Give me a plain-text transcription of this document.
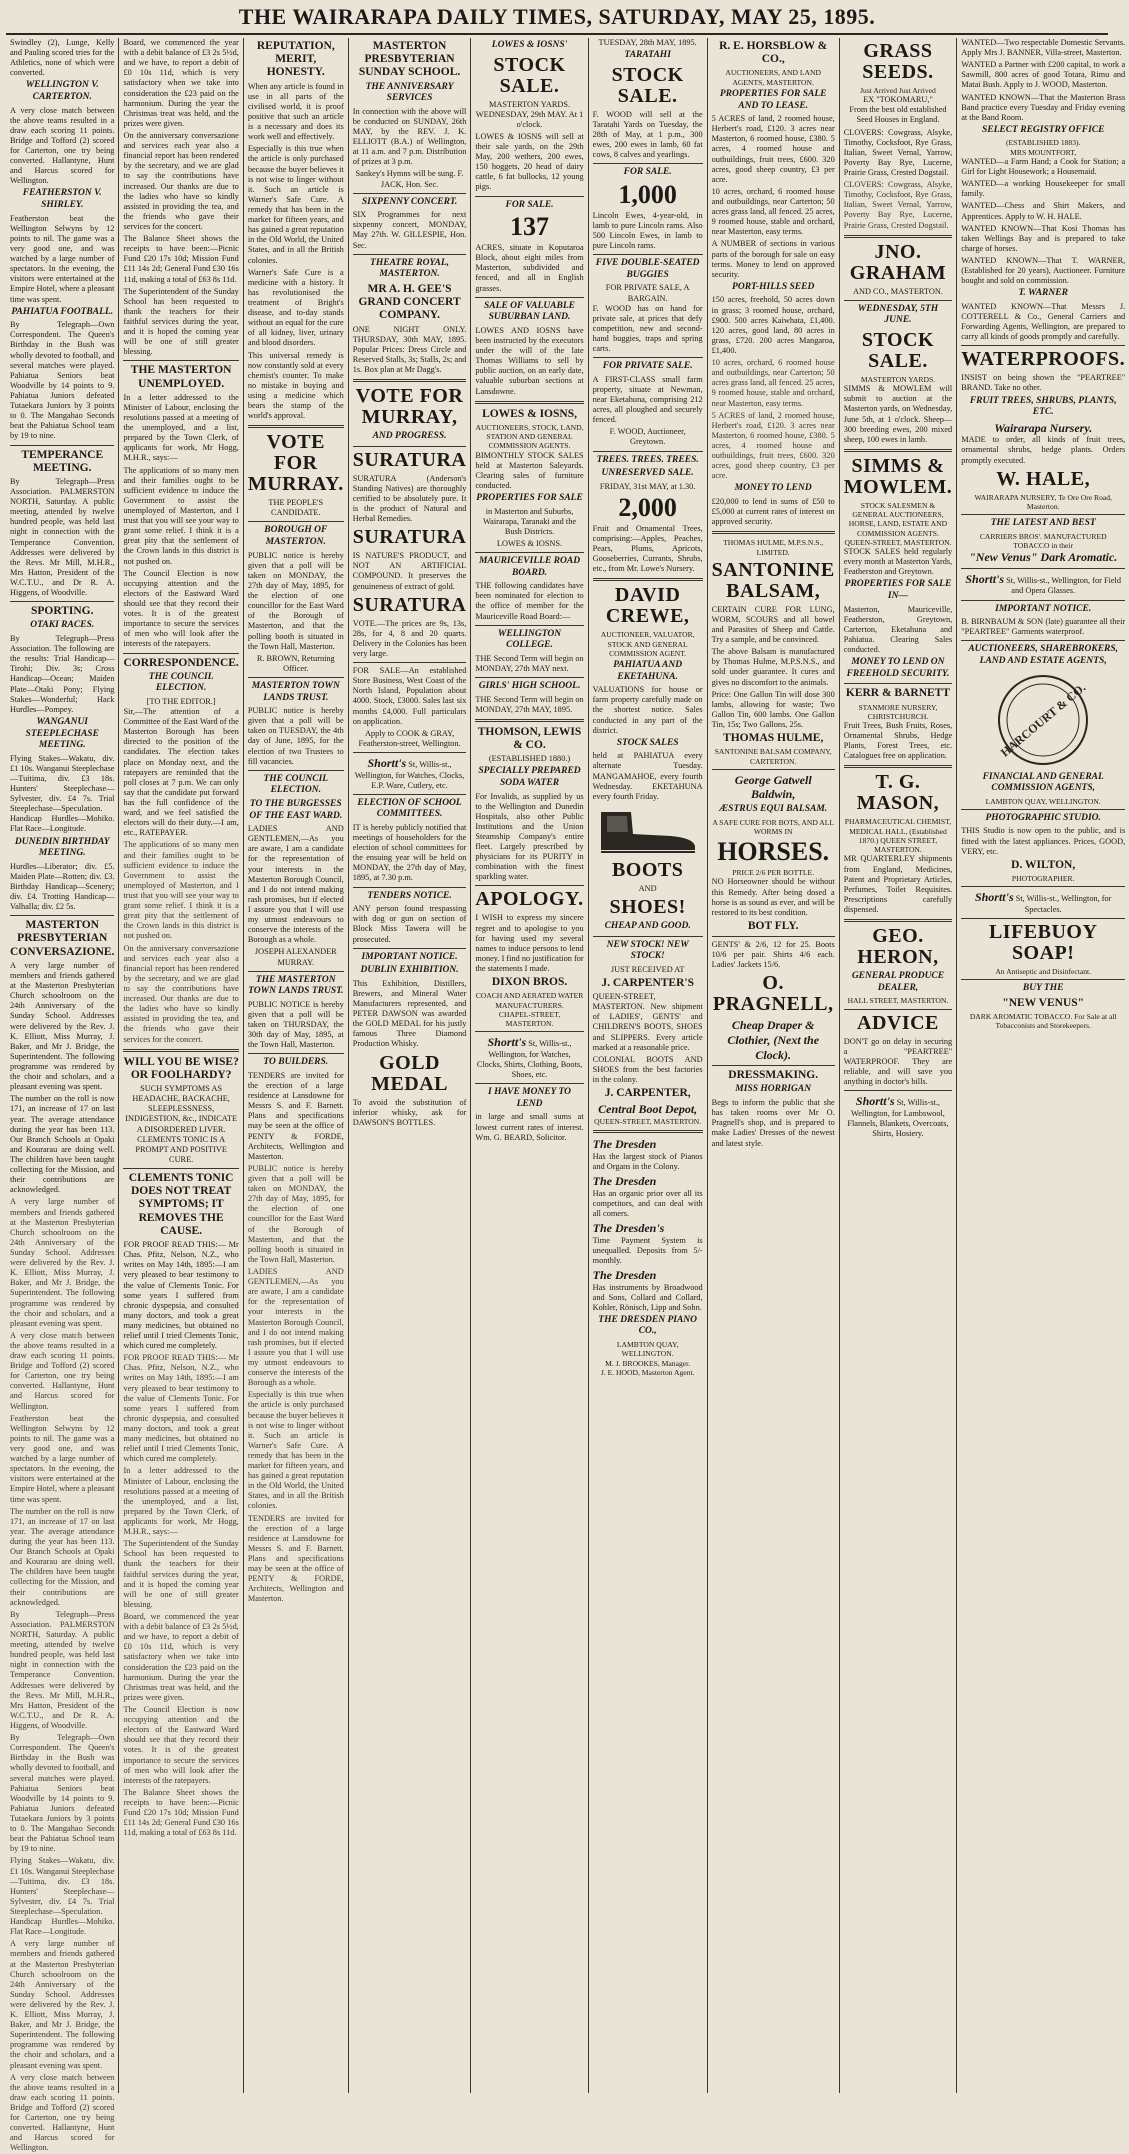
THE WAIRARAPA DAILY TIMES, SATURDAY, MAY 25, 1895.

Swindley (2), Lunge, Kelly and Pauling scored tries for the Athletics, none of which were converted.

WELLINGTON V. CARTERTON.

A very close match between the above teams resulted in a draw each scoring 11 points. Bridge and Tofford (2) scored for Carterton, one try being converted. Hallantyne, Hunt and Harcus scored for Wellington.

FEATHERSTON V. SHIRLEY.

Featherston beat the Wellington Selwyns by 12 points to nil. The game was a very good one, and was watched by a large number of spectators. In the evening, the visitors were entertained at the Empire Hotel, where a pleasant time was spent.

PAHIATUA FOOTBALL.

By Telegraph—Own Correspondent. The Queen's Birthday in the Bush was wholly devoted to football, and several matches were played. Pahiatua Seniors beat Woodville by 14 points to 9. Pahiatua Juniors defeated Tutaekara Juniors by 3 points to 0. The Mangahao Seconds beat the Pahiatua School team by 19 to nine.

TEMPERANCE MEETING.

By Telegraph—Press Association. PALMERSTON NORTH, Saturday. A public meeting, attended by twelve hundred people, was held last night in connection with the Temperance Convention. Addresses were delivered by the Revs. Mr Mill, M.H.R., Mrs Hatton, President of the W.C.T.U., and Dr R. A. Higgens, of Woodville.

SPORTING.
OTAKI RACES.

By Telegraph—Press Association. The following are the results: Trial Handicap—Tirohi; Div. 3s; Cross Handicap—Ocean; Maiden Plate—Otaki Pony; Flying Stakes—Wonderful; Hack Hurdles—Pompey.

WANGANUI STEEPLECHASE MEETING.

Flying Stakes—Wakatu, div. £1 10s. Wanganui Steeplechase—Tuitima, div. £3 18s. Hunters' Steeplechase—Sylvester, div. £4 7s. Trial Steeplechase—Speculation. Handicap Hurdles—Mohiko. Flat Race—Longitude.

DUNEDIN BIRTHDAY MEETING.

Hurdles—Liberator; div. £5. Maiden Plate—Rotten; div. £3. Birthday Handicap—Scenery; div. £4. Trotting Handicap—Valhalla; div. £2 5s.

MASTERTON PRESBYTERIAN CONVERSAZIONE.

A very large number of members and friends gathered at the Masterton Presbyterian Church schoolroom on the 24th Anniversary of the Sunday School. Addresses were delivered by the Rev. J. K. Elliott, Miss Murray, J. Baker, and Mr J. Bridge, the Superintendent. The following programme was rendered by the choir and scholars, and a pleasant evening was spent.

The number on the roll is now 171, an increase of 17 on last year. The average attendance during the year has been 113. Our Branch Schools at Opaki and Kourarau are doing well. The children have been taught collecting for the Mission, and their contributions are acknowledged.

A very large number of members and friends gathered at the Masterton Presbyterian Church schoolroom on the 24th Anniversary of the Sunday School. Addresses were delivered by the Rev. J. K. Elliott, Miss Murray, J. Baker, and Mr J. Bridge, the Superintendent. The following programme was rendered by the choir and scholars, and a pleasant evening was spent.

A very close match between the above teams resulted in a draw each scoring 11 points. Bridge and Tofford (2) scored for Carterton, one try being converted. Hallantyne, Hunt and Harcus scored for Wellington.

Featherston beat the Wellington Selwyns by 12 points to nil. The game was a very good one, and was watched by a large number of spectators. In the evening, the visitors were entertained at the Empire Hotel, where a pleasant time was spent.

The number on the roll is now 171, an increase of 17 on last year. The average attendance during the year has been 113. Our Branch Schools at Opaki and Kourarau are doing well. The children have been taught collecting for the Mission, and their contributions are acknowledged.

By Telegraph—Press Association. PALMERSTON NORTH, Saturday. A public meeting, attended by twelve hundred people, was held last night in connection with the Temperance Convention. Addresses were delivered by the Revs. Mr Mill, M.H.R., Mrs Hatton, President of the W.C.T.U., and Dr R. A. Higgens, of Woodville.

By Telegraph—Own Correspondent. The Queen's Birthday in the Bush was wholly devoted to football, and several matches were played. Pahiatua Seniors beat Woodville by 14 points to 9. Pahiatua Juniors defeated Tutaekara Juniors by 3 points to 0. The Mangahao Seconds beat the Pahiatua School team by 19 to nine.

Flying Stakes—Wakatu, div. £1 10s. Wanganui Steeplechase—Tuitima, div. £3 18s. Hunters' Steeplechase—Sylvester, div. £4 7s. Trial Steeplechase—Speculation. Handicap Hurdles—Mohiko. Flat Race—Longitude.

A very large number of members and friends gathered at the Masterton Presbyterian Church schoolroom on the 24th Anniversary of the Sunday School. Addresses were delivered by the Rev. J. K. Elliott, Miss Murray, J. Baker, and Mr J. Bridge, the Superintendent. The following programme was rendered by the choir and scholars, and a pleasant evening was spent.

A very close match between the above teams resulted in a draw each scoring 11 points. Bridge and Tofford (2) scored for Carterton, one try being converted. Hallantyne, Hunt and Harcus scored for Wellington.

Board, we commenced the year with a debit balance of £3 2s 5½d, and we have, to report a debit of £0 10s 11d, which is very satisfactory when we take into consideration the £23 paid on the harmonium. During the year the Christmas treat was held, and the prizes were given.

On the anniversary conversazione and services each year also a financial report has been rendered by the secretary, and we are glad to say the contributions have increased. Our thanks are due to the ladies who have so kindly assisted in providing the tea, and the friends who gave their services for the concert.

The Balance Sheet shows the receipts to have been:—Picnic Fund £20 17s 10d; Mission Fund £11 14s 2d; General Fund £30 16s 11d, making a total of £63 8s 11d.

The Superintendent of the Sunday School has been requested to thank the teachers for their faithful services during the year, and it is hoped the coming year will be one of still greater blessing.

THE MASTERTON UNEMPLOYED.

In a letter addressed to the Minister of Labour, enclosing the resolutions passed at a meeting of the unemployed, and a list, prepared by the Town Clerk, of applicants for work, Mr Hogg, M.H.R., says:—

The applications of so many men and their families ought to be sufficient evidence to induce the Government to assist the unemployed of Masterton, and I trust that you will see your way to grant some relief. I think it is a great pity that the settlement of the Crown lands in this district is not pushed on.

The Council Election is now occupying attention and the electors of the Eastward Ward should see that they record their votes. It is of the greatest importance to secure the services of men who will look after the interests of the ratepayers.

CORRESPONDENCE.
THE COUNCIL ELECTION.
[TO THE EDITOR.]

Sir,—The attention of a Committee of the East Ward of the Masterton Borough has been directed to the position of the candidates. The election takes place on Monday next, and the ratepayers are reminded that the poll closes at 7 p.m. We can only say that the candidate put forward has the full confidence of the ward, and we feel satisfied the electors will do their duty.—I am, etc., RATEPAYER.

The applications of so many men and their families ought to be sufficient evidence to induce the Government to assist the unemployed of Masterton, and I trust that you will see your way to grant some relief. I think it is a great pity that the settlement of the Crown lands in this district is not pushed on.

On the anniversary conversazione and services each year also a financial report has been rendered by the secretary, and we are glad to say the contributions have increased. Our thanks are due to the ladies who have so kindly assisted in providing the tea, and the friends who gave their services for the concert.

WILL YOU BE WISE? OR FOOLHARDY?
SUCH SYMPTOMS AS HEADACHE, BACKACHE, SLEEPLESSNESS, INDIGESTION, &c., INDICATE A DISORDERED LIVER. CLEMENTS TONIC IS A PROMPT AND POSITIVE CURE.
CLEMENTS TONIC DOES NOT TREAT SYMPTOMS; IT REMOVES THE CAUSE.

FOR PROOF READ THIS:— Mr Chas. Pfitz, Nelson, N.Z., who writes on May 14th, 1895:—I am very pleased to bear testimony to the value of Clements Tonic. For some years I suffered from chronic dyspepsia, and consulted many doctors, and took a great many medicines, but obtained no relief until I tried Clements Tonic, which cured me completely.

FOR PROOF READ THIS:— Mr Chas. Pfitz, Nelson, N.Z., who writes on May 14th, 1895:—I am very pleased to bear testimony to the value of Clements Tonic. For some years I suffered from chronic dyspepsia, and consulted many doctors, and took a great many medicines, but obtained no relief until I tried Clements Tonic, which cured me completely.

In a letter addressed to the Minister of Labour, enclosing the resolutions passed at a meeting of the unemployed, and a list, prepared by the Town Clerk, of applicants for work, Mr Hogg, M.H.R., says:—

The Superintendent of the Sunday School has been requested to thank the teachers for their faithful services during the year, and it is hoped the coming year will be one of still greater blessing.

Board, we commenced the year with a debit balance of £3 2s 5½d, and we have, to report a debit of £0 10s 11d, which is very satisfactory when we take into consideration the £23 paid on the harmonium. During the year the Christmas treat was held, and the prizes were given.

The Council Election is now occupying attention and the electors of the Eastward Ward should see that they record their votes. It is of the greatest importance to secure the services of men who will look after the interests of the ratepayers.

The Balance Sheet shows the receipts to have been:—Picnic Fund £20 17s 10d; Mission Fund £11 14s 2d; General Fund £30 16s 11d, making a total of £63 8s 11d.

REPUTATION, MERIT, HONESTY.

When any article is found in use in all parts of the civilised world, it is proof positive that such an article is a necessary and does its work well and effectively.

Especially is this true when the article is only purchased because the buyer believes it is not wise to linger without it. Such an article is Warner's Safe Cure. A remedy that has been in the market for fifteen years, and has gained a great reputation in the Old World, the United States, and in all the British colonies.

Warner's Safe Cure is a medicine with a history. It has revolutionised the treatment of Bright's disease, and to-day stands without an equal for the cure of all kidney, liver, urinary and blood disorders.

This universal remedy is now constantly sold at every chemist's counter. To make no mistake in buying and using a medicine which bears the stamp of the world's approval.

VOTE FOR MURRAY.
THE PEOPLE'S CANDIDATE.
BOROUGH OF MASTERTON.

PUBLIC notice is hereby given that a poll will be taken on MONDAY, the 27th day of May, 1895, for the election of one councillor for the East Ward of the Borough of Masterton, and that the polling booth is situated in the Town Hall, Masterton.

R. BROWN, Returning Officer.
MASTERTON TOWN LANDS TRUST.

PUBLIC notice is hereby given that a poll will be taken on TUESDAY, the 4th day of June, 1895, for the election of two Trustees to fill vacancies.

THE COUNCIL ELECTION.
TO THE BURGESSES OF THE EAST WARD.

LADIES AND GENTLEMEN,—As you are aware, I am a candidate for the representation of your interests in the Masterton Borough Council, and I do not intend making rash promises, but if elected I assure you that I will use my utmost endeavours to conserve the interests of the Borough as a whole.

JOSEPH ALEXANDER MURRAY.
THE MASTERTON TOWN LANDS TRUST.

PUBLIC NOTICE is hereby given that a poll will be taken on THURSDAY, the 30th day of May, 1895, at the Town Hall, Masterton.

TO BUILDERS.

TENDERS are invited for the erection of a large residence at Lansdowne for Messrs S. and F. Barnett. Plans and specifications may be seen at the office of PENTY & FORDE, Architects, Wellington and Masterton.

PUBLIC notice is hereby given that a poll will be taken on MONDAY, the 27th day of May, 1895, for the election of one councillor for the East Ward of the Borough of Masterton, and that the polling booth is situated in the Town Hall, Masterton.

LADIES AND GENTLEMEN,—As you are aware, I am a candidate for the representation of your interests in the Masterton Borough Council, and I do not intend making rash promises, but if elected I assure you that I will use my utmost endeavours to conserve the interests of the Borough as a whole.

Especially is this true when the article is only purchased because the buyer believes it is not wise to linger without it. Such an article is Warner's Safe Cure. A remedy that has been in the market for fifteen years, and has gained a great reputation in the Old World, the United States, and in all the British colonies.

TENDERS are invited for the erection of a large residence at Lansdowne for Messrs S. and F. Barnett. Plans and specifications may be seen at the office of PENTY & FORDE, Architects, Wellington and Masterton.

MASTERTON PRESBYTERIAN SUNDAY SCHOOL.
THE ANNIVERSARY SERVICES

In connection with the above will be conducted on SUNDAY, 26th MAY, by the REV. J. K. ELLIOTT (B.A.) of Wellington, at 11 a.m. and 7 p.m. Distribution of prizes at 3 p.m.

Sankey's Hymns will be sung. F. JACK, Hon. Sec.

SIXPENNY CONCERT.

SIX Programmes for next sixpenny concert, MONDAY, May 27th. W. GILLESPIE, Hon. Sec.

THEATRE ROYAL, MASTERTON.
MR A. H. GEE'S GRAND CONCERT COMPANY.

ONE NIGHT ONLY. THURSDAY, 30th MAY, 1895. Popular Prices: Dress Circle and Reserved Stalls, 3s; Stalls, 2s; and 1s. Box plan at Mr Dagg's.

VOTE FOR MURRAY,
AND PROGRESS.
SURATURA

SURATURA (Anderson's Standing Natives) are thoroughly certified to be absolutely pure. It is the product of Natural and Herbal Remedies.

SURATURA

IS NATURE'S PRODUCT, and NOT AN ARTIFICIAL COMPOUND. It preserves the genuineness of extract of gold.

SURATURA

VOTE.—The prices are 9s, 13s, 28s, for 4, 8 and 20 quarts. Delivery in the Colonies has been very large.

FOR SALE—An established Store Business, West Coast of the North Island, Population about 4000. Stock, £3000. Sales last six months £4,000. Full particulars on application.

Apply to COOK & GRAY, Featherston-street, Wellington.

Shortt's St, Willis-st., Wellington, for Watches, Clocks, E.P. Ware, Cutlery, etc.
ELECTION OF SCHOOL COMMITTEES.

IT is hereby publicly notified that meetings of householders for the election of school committees for the ensuing year will be held on MONDAY, the 27th day of May, 1895, at 7.30 p.m.

TENDERS NOTICE.

ANY person found trespassing with dog or gun on section of Block Miss Tawera will be prosecuted.

IMPORTANT NOTICE.
DUBLIN EXHIBITION.

This Exhibition, Distillers, Brewers, and Mineral Water Manufacturers represented, and PETER DAWSON was awarded the GOLD MEDAL for his justly famous Three Diamond Production Whisky.

GOLD MEDAL

To avoid the substitution of inferior whisky, ask for DAWSON'S BOTTLES.

LOWES & IOSNS'
STOCK SALE.
MASTERTON YARDS.

WEDNESDAY, 29th MAY. At 1 o'clock.

LOWES & IOSNS will sell at their sale yards, on the 29th May, 200 wethers, 200 ewes, 150 hoggets, 20 head of dairy cattle, 6 fat bullocks, 12 young pigs.

FOR SALE.
137

ACRES, situate in Koputaroa Block, about eight miles from Masterton, subdivided and fenced, and all in English grasses.

SALE OF VALUABLE SUBURBAN LAND.

LOWES AND IOSNS have been instructed by the executors under the will of the late Thomas Williams to sell by public auction, on an early date, valuable suburban sections at Lansdowne.

LOWES & IOSNS,
AUCTIONEERS, STOCK, LAND, STATION AND GENERAL COMMISSION AGENTS.

BIMONTHLY STOCK SALES held at Masterton Saleyards. Clearing sales of furniture conducted.

PROPERTIES FOR SALE

in Masterton and Suburbs, Wairarapa, Taranaki and the Bush Districts.

LOWES & IOSNS.
MAURICEVILLE ROAD BOARD.

THE following candidates have been nominated for election to the office of member for the Mauriceville Road Board:—

WELLINGTON COLLEGE.

THE Second Term will begin on MONDAY, 27th MAY next.

GIRLS' HIGH SCHOOL.

THE Second Term will begin on MONDAY, 27th MAY, 1895.

THOMSON, LEWIS & CO.
(ESTABLISHED 1880.)
SPECIALLY PREPARED SODA WATER

For Invalids, as supplied by us to the Wellington and Dunedin Hospitals, also other Public Institutions and the Union Steamship Company's entire fleet. Largely prescribed by physicians for its PURITY in combination with the finest sparkling water.

APOLOGY.

I WISH to express my sincere regret and to apologise to you for having used my several names to induce persons to lend money. I find no justification for the statements I made.

DIXON BROS.
COACH AND AERATED WATER MANUFACTURERS.
CHAPEL-STREET, MASTERTON.
Shortt's St, Willis-st., Wellington, for Watches, Clocks, Shirts, Clothing, Boots, Shoes, etc.
I HAVE MONEY TO LEND

in large and small sums at lowest current rates of interest. Wm. G. BEARD, Solicitor.

TUESDAY, 28th MAY, 1895.
TARATAHI
STOCK SALE.

F. WOOD will sell at the Taratahi Yards on Tuesday, the 28th of May, at 1 p.m., 300 ewes, 200 ewes in lamb, 60 fat cows, 8 calves and yearlings.

FOR SALE.
1,000

Lincoln Ewes, 4-year-old, in lamb to pure Lincoln rams. Also 500 Lincoln Ewes, in lamb to pure Lincoln rams.

FIVE DOUBLE-SEATED BUGGIES
FOR PRIVATE SALE, A BARGAIN.

F. WOOD has on hand for private sale, at prices that defy competition, new and second-hand buggies, traps and spring carts.

FOR PRIVATE SALE.

A FIRST-CLASS small farm property, situate at Newman, near Eketahuna, comprising 212 acres, all ploughed and securely fenced.

F. WOOD, Auctioneer, Greytown.
TREES. TREES. TREES.
UNRESERVED SALE.
FRIDAY, 31st MAY, at 1.30.
2,000

Fruit and Ornamental Trees, comprising:—Apples, Peaches, Pears, Plums, Apricots, Gooseberries, Currants, Shrubs, etc., from Mr. Lowe's Nursery.

DAVID CREWE,
AUCTIONEER, VALUATOR, STOCK AND GENERAL COMMISSION AGENT.
PAHIATUA AND EKETAHUNA.

VALUATIONS for house or farm property carefully made on the shortest notice. Sales conducted in any part of the district.

STOCK SALES

held at PAHIATUA every alternate Tuesday. MANGAMAHOE, every fourth Wednesday. EKETAHUNA every fourth Friday.

BOOTS
AND
SHOES!
CHEAP AND GOOD.
NEW STOCK! NEW STOCK!
JUST RECEIVED AT
J. CARPENTER'S

QUEEN-STREET, MASTERTON. New shipment of LADIES', GENTS' and CHILDREN'S BOOTS, SHOES and SLIPPERS. Every article marked at a reasonable price.

COLONIAL BOOTS AND SHOES from the best factories in the colony.

J. CARPENTER,
Central Boot Depot,
QUEEN-STREET, MASTERTON.
The Dresden

Has the largest stock of Pianos and Organs in the Colony.

The Dresden

Has an organic prior over all its competitors, and can deal with all comers.

The Dresden's

Time Payment System is unequalled. Deposits from 5/- monthly.

The Dresden

Has instruments by Broadwood and Sons, Collard and Collard, Kohler, Rönisch, Lipp and Sohn.

THE DRESDEN PIANO CO.,
LAMBTON QUAY, WELLINGTON.
M. J. BROOKES, Manager.
J. E. HOOD, Masterton Agent.
R. E. HORSBLOW & CO.,
AUCTIONEERS, AND LAND AGENTS, MASTERTON.
PROPERTIES FOR SALE AND TO LEASE.

5 ACRES of land, 2 roomed house, Herbert's road, £120. 3 acres near Masterton, 6 roomed house, £380. 5 acres, 4 roomed house and outbuildings, fruit trees, £600. 320 acres, good sheep country, £3 per acre.

10 acres, orchard, 6 roomed house and outbuildings, near Carterton; 50 acres grass land, all fenced. 25 acres, 9 roomed house, stable and orchard, near Masterton, easy terms.

A NUMBER of sections in various parts of the borough for sale on easy terms. Money to lend on approved security.

PORT-HILLS SEED

150 acres, freehold, 50 acres down in grass; 3 roomed house, orchard, £900. 500 acres Kaiwhata, £1,400. 120 acres, good land, 80 acres in grass, £720. 200 acres Mangaroa, £1,400.

10 acres, orchard, 6 roomed house and outbuildings, near Carterton; 50 acres grass land, all fenced. 25 acres, 9 roomed house, stable and orchard, near Masterton, easy terms.

5 ACRES of land, 2 roomed house, Herbert's road, £120. 3 acres near Masterton, 6 roomed house, £380. 5 acres, 4 roomed house and outbuildings, fruit trees, £600. 320 acres, good sheep country, £3 per acre.

MONEY TO LEND

£20,000 to lend in sums of £50 to £5,000 at current rates of interest on approved security.

THOMAS HULME, M.P.S.N.S.,
LIMITED.
SANTONINE BALSAM,

CERTAIN CURE FOR LUNG, WORM, SCOURS and all bowel and Parasites of Sheep and Cattle. Try a sample, and be convinced.

The above Balsam is manufactured by Thomas Hulme, M.P.S.N.S., and sold under guarantee. It cures and gives no discomfort to the animals.

Price: One Gallon Tin will dose 300 lambs, allowing for waste; Two Gallon Tin, 600 lambs. One Gallon Tin, 15s; Two Gallons, 25s.

THOMAS HULME,
SANTONINE BALSAM COMPANY, CARTERTON.
George Gatwell Baldwin,
ÆSTRUS EQUI BALSAM.
A SAFE CURE FOR BOTS, AND ALL WORMS IN
HORSES.
PRICE 2/6 PER BOTTLE.

NO Horseowner should be without this Remedy. After being dosed a horse is as sound as ever, and will be restored to its best condition.

BOT FLY.

GENTS' & 2/6, 12 for 25. Boots 10/6 per pair. Shirts 4/6 each. Ladies' Jackets 15/6.

O. PRAGNELL,
Cheap Draper & Clothier, (Next the Clock).
DRESSMAKING.
MISS HORRIGAN

Begs to inform the public that she has taken rooms over Mr O. Pragnell's shop, and is prepared to make Ladies' Dresses of the newest and latest style.

GRASS SEEDS.
Just Arrived Just Arrived
EX "TOKOMARU,"

From the best old established Seed Houses in England.

CLOVERS: Cowgrass, Alsyke, Timothy, Cocksfoot, Rye Grass, Italian, Sweet Vernal, Yarrow, Poverty Bay Rye, Lucerne, Prairie Grass, Crested Dogstail.

CLOVERS: Cowgrass, Alsyke, Timothy, Cocksfoot, Rye Grass, Italian, Sweet Vernal, Yarrow, Poverty Bay Rye, Lucerne, Prairie Grass, Crested Dogstail.

JNO. GRAHAM
AND CO., MASTERTON.
WEDNESDAY, 5TH JUNE.
STOCK SALE.
MASTERTON YARDS.

SIMMS & MOWLEM will submit to auction at the Masterton yards, on Wednesday, June 5th, at 1 o'clock. Sheep—300 breeding ewes, 200 mixed sheep, 100 ewes in lamb.

SIMMS & MOWLEM.
STOCK SALESMEN & GENERAL AUCTIONEERS, HORSE, LAND, ESTATE AND COMMISSION AGENTS. QUEEN-STREET, MASTERTON.

STOCK SALES held regularly every month at Masterton Yards, Featherston and Greytown.

PROPERTIES FOR SALE IN—

Masterton, Mauriceville, Featherston, Greytown, Carterton, Eketahuna and Pahiatua. Clearing Sales conducted.

MONEY TO LEND ON FREEHOLD SECURITY.
KERR & BARNETT
STANMORE NURSERY, CHRISTCHURCH.

Fruit Trees, Bush Fruits, Roses, Ornamental Shrubs, Hedge Plants, Forest Trees, etc. Catalogues free on application.

T. G. MASON,
PHARMACEUTICAL CHEMIST, MEDICAL HALL, (Established 1870.) QUEEN STREET, MASTERTON.

MR QUARTERLEY shipments from England, Medicines, Patent and Proprietary Articles, Perfumes, Toilet Requisites. Prescriptions carefully dispensed.

GEO. HERON,
GENERAL PRODUCE DEALER,
HALL STREET, MASTERTON.
ADVICE

DON'T go on delay in securing a "PEARTREE" WATERPROOF. They are reliable, and will save you anything in doctor's bills.

Shortt's St, Willis-st., Wellington, for Lambswool, Flannels, Blankets, Overcoats, Shirts, Hosiery.

WANTED—Two respectable Domestic Servants. Apply Mrs J. BANNER, Villa-street, Masterton.

WANTED a Partner with £200 capital, to work a Sawmill, 800 acres of good Totara, Rimu and Matai Bush. Apply to J. WOOD, Masterton.

WANTED KNOWN—That the Masterton Brass Band practice every Tuesday and Friday evening at the Band Room.

SELECT REGISTRY OFFICE
(ESTABLISHED 1883).
MRS MOUNTFORT,

WANTED—a Farm Hand; a Cook for Station; a Girl for Light Housework; a Housemaid.

WANTED—a working Housekeeper for small family.

WANTED—Chess and Shirt Makers, and Apprentices. Apply to W. H. HALE.

WANTED KNOWN—That Kosi Thomas has taken Wellings Bay and is prepared to take charge of horses.

WANTED KNOWN—That T. WARNER, (Established for 20 years), Auctioneer. Furniture bought and sold on commission.

T. WARNER

WANTED KNOWN—That Messrs J. COTTERELL & Co., General Carriers and Forwarding Agents, Wellington, are prepared to carry all kinds of goods promptly and carefully.

WATERPROOFS.

INSIST on being shown the "PEARTREE" BRAND. Take no other.

FRUIT TREES, SHRUBS, PLANTS, ETC.
Wairarapa Nursery.

MADE to order, all kinds of fruit trees, ornamental shrubs, hedge plants. Orders promptly executed.

W. HALE,
WAIRARAPA NURSERY, Te Ore Ore Road, Masterton.
THE LATEST AND BEST
CARRIERS BROS'. MANUFACTURED TOBACCO in their
"New Venus" Dark Aromatic.
Shortt's St, Willis-st., Wellington, for Field and Opera Glasses.
IMPORTANT NOTICE.

B. BIRNBAUM & SON (late) guarantee all their "PEARTREE" Garments waterproof.

AUCTIONEERS, SHAREBROKERS, LAND AND ESTATE AGENTS,
HARCOURT & CO.
FINANCIAL AND GENERAL COMMISSION AGENTS,
LAMBTON QUAY, WELLINGTON.
PHOTOGRAPHIC STUDIO.

THIS Studio is now open to the public, and is fitted with the latest appliances. Prices, GOOD, VERY, etc.

D. WILTON,
PHOTOGRAPHER.
Shortt's St, Willis-st., Wellington, for Spectacles.
LIFEBUOY SOAP!
An Antiseptic and Disinfectant.
BUY THE
"NEW VENUS"
DARK AROMATIC TOBACCO. For Sale at all Tobacconists and Storekeepers.
